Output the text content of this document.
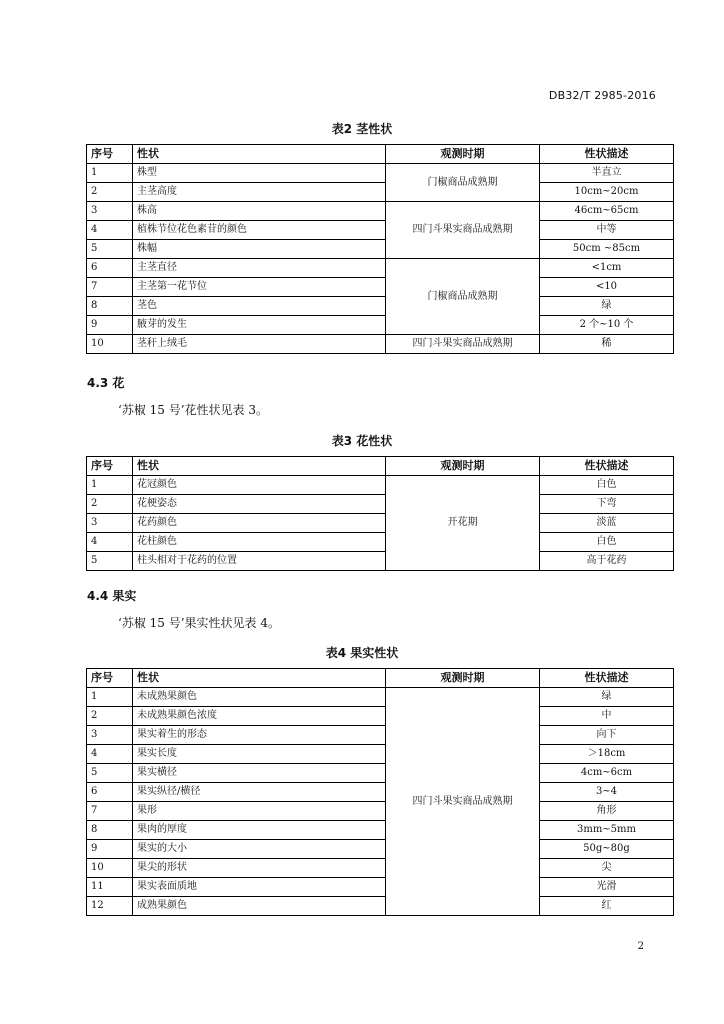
DB32/T 2985-2016
表2 茎性状
序号	性状	观测时期	性状描述
1	株型	门椒商品成熟期	半直立
2	主茎高度		10cm~20cm
3	株高	四门斗果实商品成熟期	46cm~65cm
4	植株节位花色素苷的颜色		中等
5	株幅		50cm ~85cm
6	主茎直径	门椒商品成熟期	<1cm
7	主茎第一花节位		<10
8	茎色		绿
9	腋芽的发生		2 个~10 个
10	茎秆上绒毛	四门斗果实商品成熟期	稀
4.3 花
‘苏椒 15 号’花性状见表 3。
表3 花性状
序号	性状	观测时期	性状描述
1	花冠颜色	开花期	白色
2	花梗姿态		下弯
3	花药颜色		淡蓝
4	花柱颜色		白色
5	柱头相对于花药的位置		高于花药
4.4 果实
‘苏椒 15 号’果实性状见表 4。
表4 果实性状
序号	性状	观测时期	性状描述
1	未成熟果颜色	四门斗果实商品成熟期	绿
2	未成熟果颜色浓度		中
3	果实着生的形态		向下
4	果实长度		＞18cm
5	果实横径		4cm~6cm
6	果实纵径/横径		3~4
7	果形		角形
8	果肉的厚度		3mm~5mm
9	果实的大小		50g~80g
10	果尖的形状		尖
11	果实表面质地		光滑
12	成熟果颜色		红
2
